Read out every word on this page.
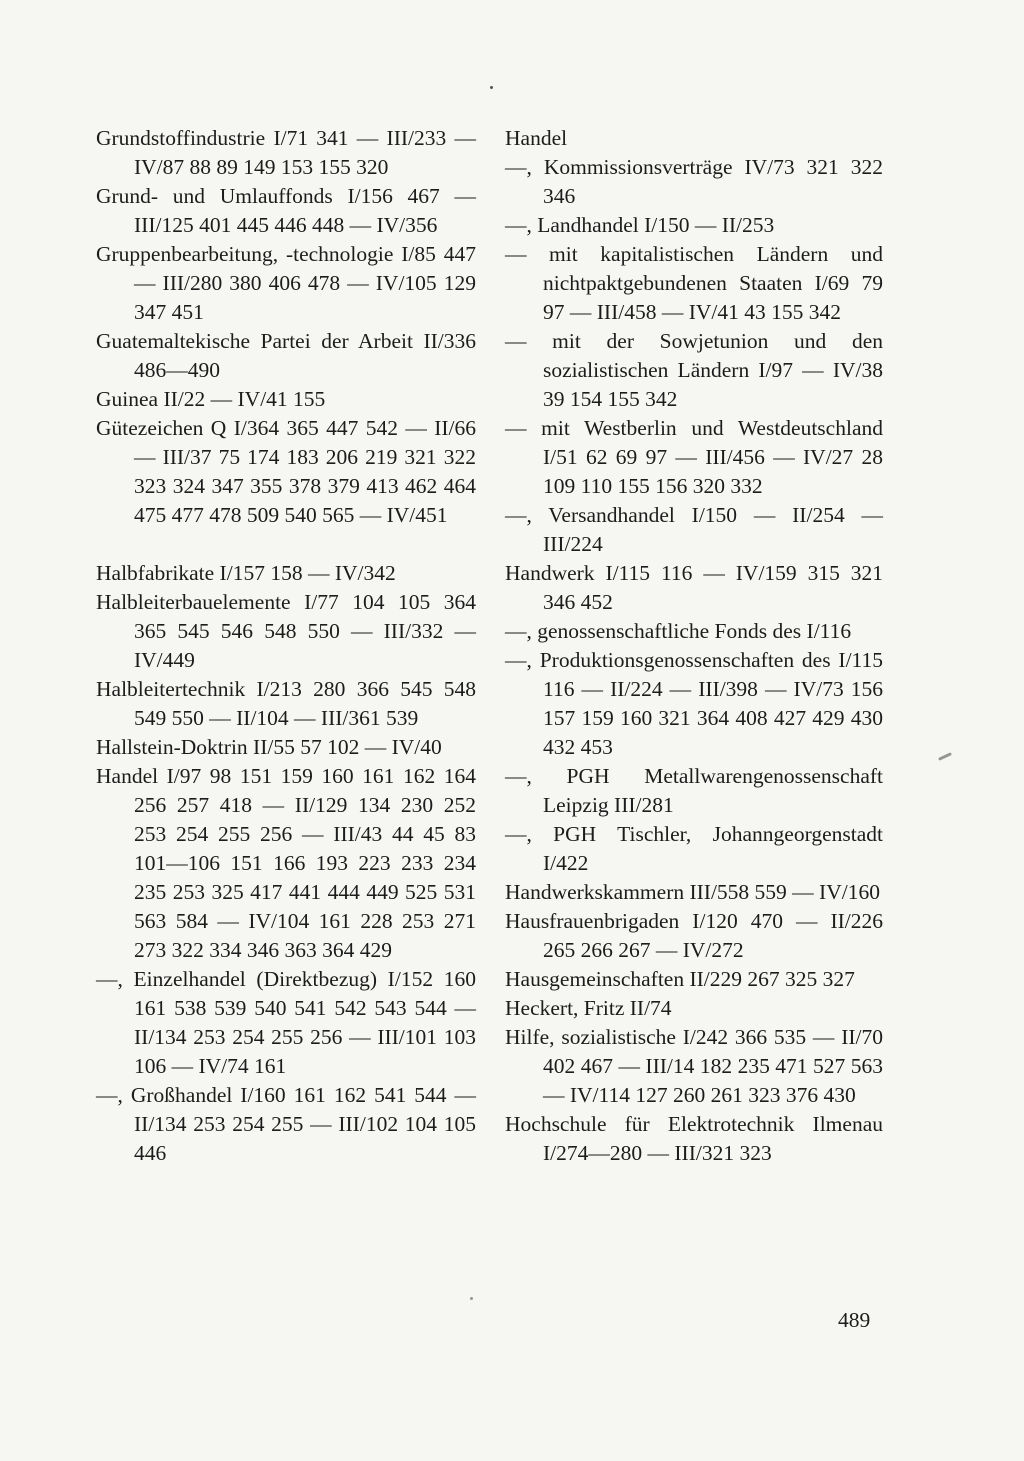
Grundstoffindustrie I/71 341 — III/233 — IV/87 88 89 149 153 155 320
Grund- und Umlauffonds I/156 467 — III/125 401 445 446 448 — IV/356
Gruppenbearbeitung, -technologie I/85 447 — III/280 380 406 478 — IV/105 129 347 451
Guatemaltekische Partei der Arbeit II/336 486—490
Guinea II/22 — IV/41 155
Gütezeichen Q I/364 365 447 542 — II/66 — III/37 75 174 183 206 219 321 322 323 324 347 355 378 379 413 462 464 475 477 478 509 540 565 — IV/451
Halbfabrikate I/157 158 — IV/342
Halbleiterbauelemente I/77 104 105 364 365 545 546 548 550 — III/332 — IV/449
Halbleitertechnik I/213 280 366 545 548 549 550 — II/104 — III/361 539
Hallstein-Doktrin II/55 57 102 — IV/40
Handel I/97 98 151 159 160 161 162 164 256 257 418 — II/129 134 230 252 253 254 255 256 — III/43 44 45 83 101—106 151 166 193 223 233 234 235 253 325 417 441 444 449 525 531 563 584 — IV/104 161 228 253 271 273 322 334 346 363 364 429
—, Einzelhandel (Direktbezug) I/152 160 161 538 539 540 541 542 543 544 — II/134 253 254 255 256 — III/101 103 106 — IV/74 161
—, Großhandel I/160 161 162 541 544 — II/134 253 254 255 — III/102 104 105 446
Handel
—, Kommissionsverträge IV/73 321 322 346
—, Landhandel I/150 — II/253
— mit kapitalistischen Ländern und nichtpaktgebundenen Staaten I/69 79 97 — III/458 — IV/41 43 155 342
— mit der Sowjetunion und den sozialistischen Ländern I/97 — IV/38 39 154 155 342
— mit Westberlin und Westdeutschland I/51 62 69 97 — III/456 — IV/27 28 109 110 155 156 320 332
—, Versandhandel I/150 — II/254 — III/224
Handwerk I/115 116 — IV/159 315 321 346 452
—, genossenschaftliche Fonds des I/116
—, Produktionsgenossenschaften des I/115 116 — II/224 — III/398 — IV/73 156 157 159 160 321 364 408 427 429 430 432 453
—, PGH Metallwarengenossenschaft Leipzig III/281
—, PGH Tischler, Johanngeorgenstadt I/422
Handwerkskammern III/558 559 — IV/160
Hausfrauenbrigaden I/120 470 — II/226 265 266 267 — IV/272
Hausgemeinschaften II/229 267 325 327
Heckert, Fritz II/74
Hilfe, sozialistische I/242 366 535 — II/70 402 467 — III/14 182 235 471 527 563 — IV/114 127 260 261 323 376 430
Hochschule für Elektrotechnik Ilmenau I/274—280 — III/321 323
489
